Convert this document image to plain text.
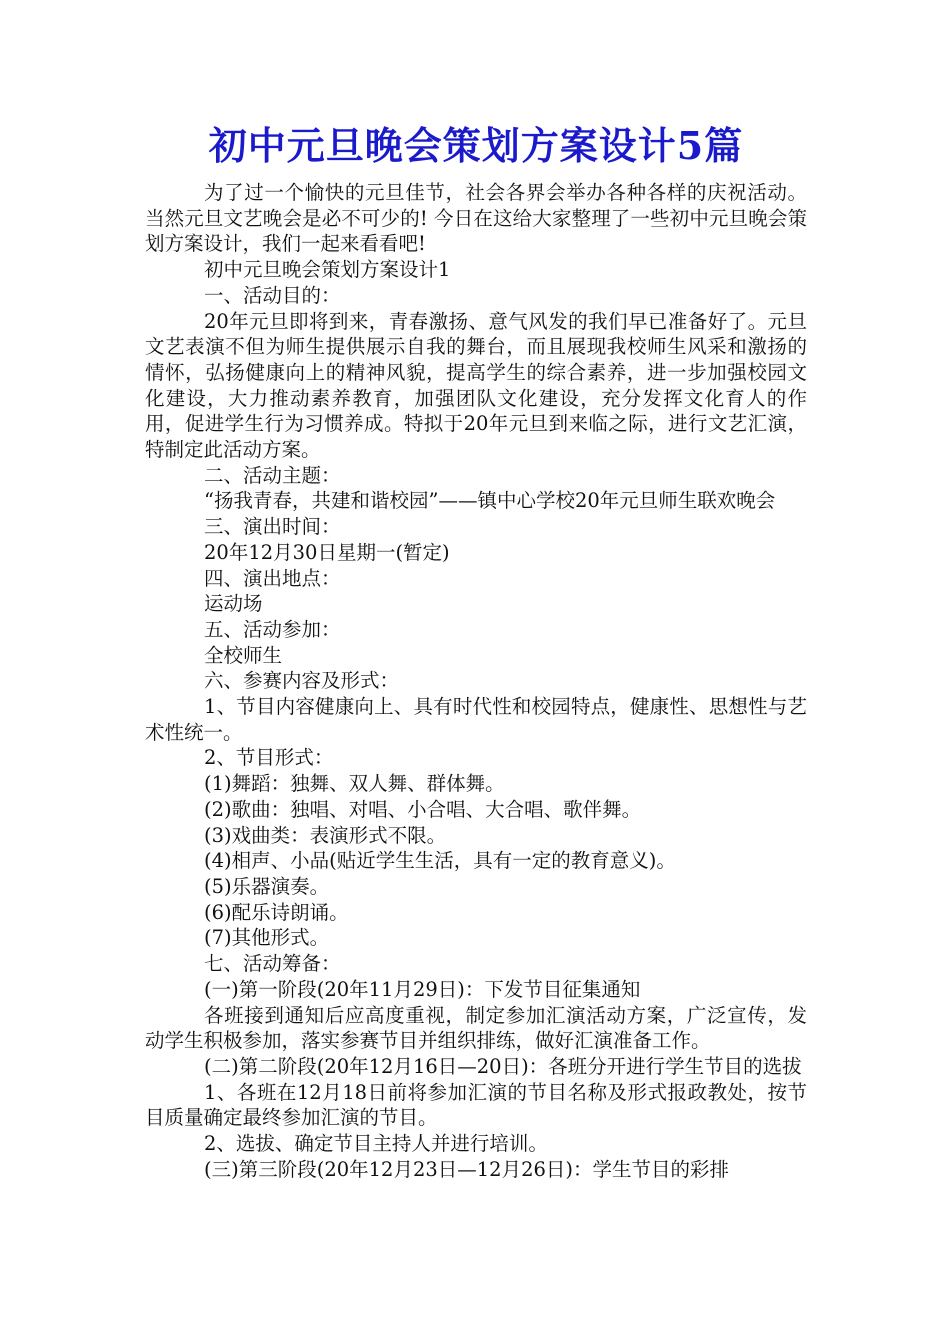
初中元旦晚会策划方案设计5篇

为了过一个愉快的元旦佳节，社会各界会举办各种各样的庆祝活动。当然元旦文艺晚会是必不可少的! 今日在这给大家整理了一些初中元旦晚会策划方案设计，我们一起来看看吧!

初中元旦晚会策划方案设计1

一、活动目的：

20年元旦即将到来，青春激扬、意气风发的我们早已准备好了。元旦文艺表演不但为师生提供展示自我的舞台，而且展现我校师生风采和激扬的情怀，弘扬健康向上的精神风貌，提高学生的综合素养，进一步加强校园文化建设，大力推动素养教育，加强团队文化建设，充分发挥文化育人的作用，促进学生行为习惯养成。特拟于20年元旦到来临之际，进行文艺汇演，特制定此活动方案。

二、活动主题：

“扬我青春，共建和谐校园”——镇中心学校20年元旦师生联欢晚会

三、演出时间：

20年12月30日星期一(暂定)

四、演出地点：

运动场

五、活动参加：

全校师生

六、参赛内容及形式：

1、节目内容健康向上、具有时代性和校园特点，健康性、思想性与艺术性统一。

2、节目形式：

(1)舞蹈：独舞、双人舞、群体舞。

(2)歌曲：独唱、对唱、小合唱、大合唱、歌伴舞。

(3)戏曲类：表演形式不限。

(4)相声、小品(贴近学生生活，具有一定的教育意义)。

(5)乐器演奏。

(6)配乐诗朗诵。

(7)其他形式。

七、活动筹备：

(一)第一阶段(20年11月29日)：下发节目征集通知

各班接到通知后应高度重视，制定参加汇演活动方案，广泛宣传，发动学生积极参加，落实参赛节目并组织排练，做好汇演准备工作。

(二)第二阶段(20年12月16日—20日)：各班分开进行学生节目的选拔

1、各班在12月18日前将参加汇演的节目名称及形式报政教处，按节目质量确定最终参加汇演的节目。

2、选拔、确定节目主持人并进行培训。

(三)第三阶段(20年12月23日—12月26日)：学生节目的彩排
